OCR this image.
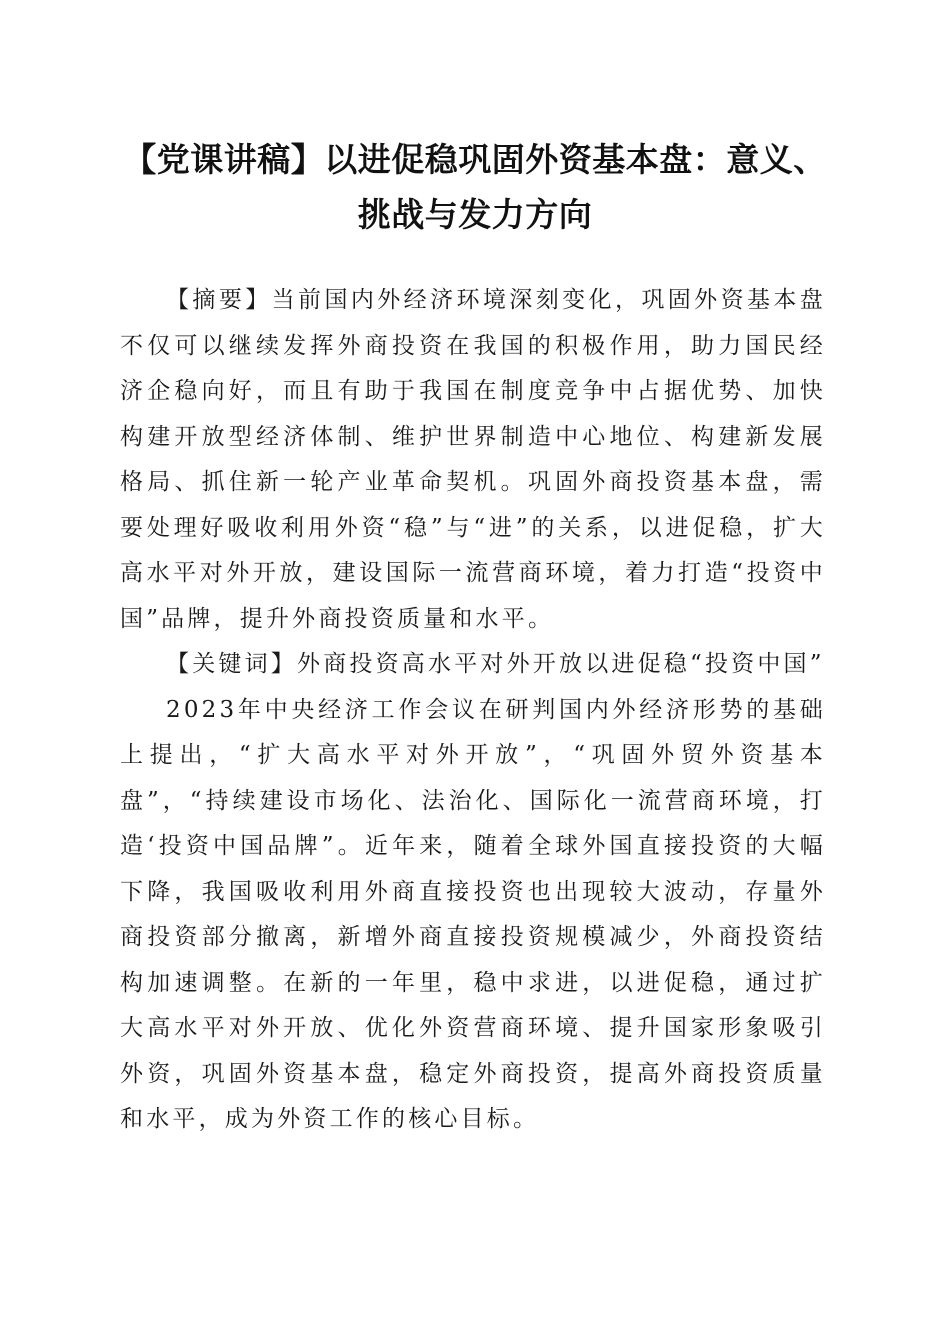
【党课讲稿】以进促稳巩固外资基本盘：意义、
挑战与发力方向

【摘要】当前国内外经济环境深刻变化，巩固外资基本盘不仅可以继续发挥外商投资在我国的积极作用，助力国民经济企稳向好，而且有助于我国在制度竞争中占据优势、加快构建开放型经济体制、维护世界制造中心地位、构建新发展格局、抓住新一轮产业革命契机。巩固外商投资基本盘，需要处理好吸收利用外资“稳”与“进”的关系，以进促稳，扩大高水平对外开放，建设国际一流营商环境，着力打造“投资中国”品牌，提升外商投资质量和水平。

【关键词】外商投资高水平对外开放以进促稳“投资中国”

2023年中央经济工作会议在研判国内外经济形势的基础上提出，“扩大高水平对外开放”，“巩固外贸外资基本盘”，“持续建设市场化、法治化、国际化一流营商环境，打造‘投资中国品牌”。近年来，随着全球外国直接投资的大幅下降，我国吸收利用外商直接投资也出现较大波动，存量外商投资部分撤离，新增外商直接投资规模减少，外商投资结构加速调整。在新的一年里，稳中求进，以进促稳，通过扩大高水平对外开放、优化外资营商环境、提升国家形象吸引外资，巩固外资基本盘，稳定外商投资，提高外商投资质量和水平，成为外资工作的核心目标。
